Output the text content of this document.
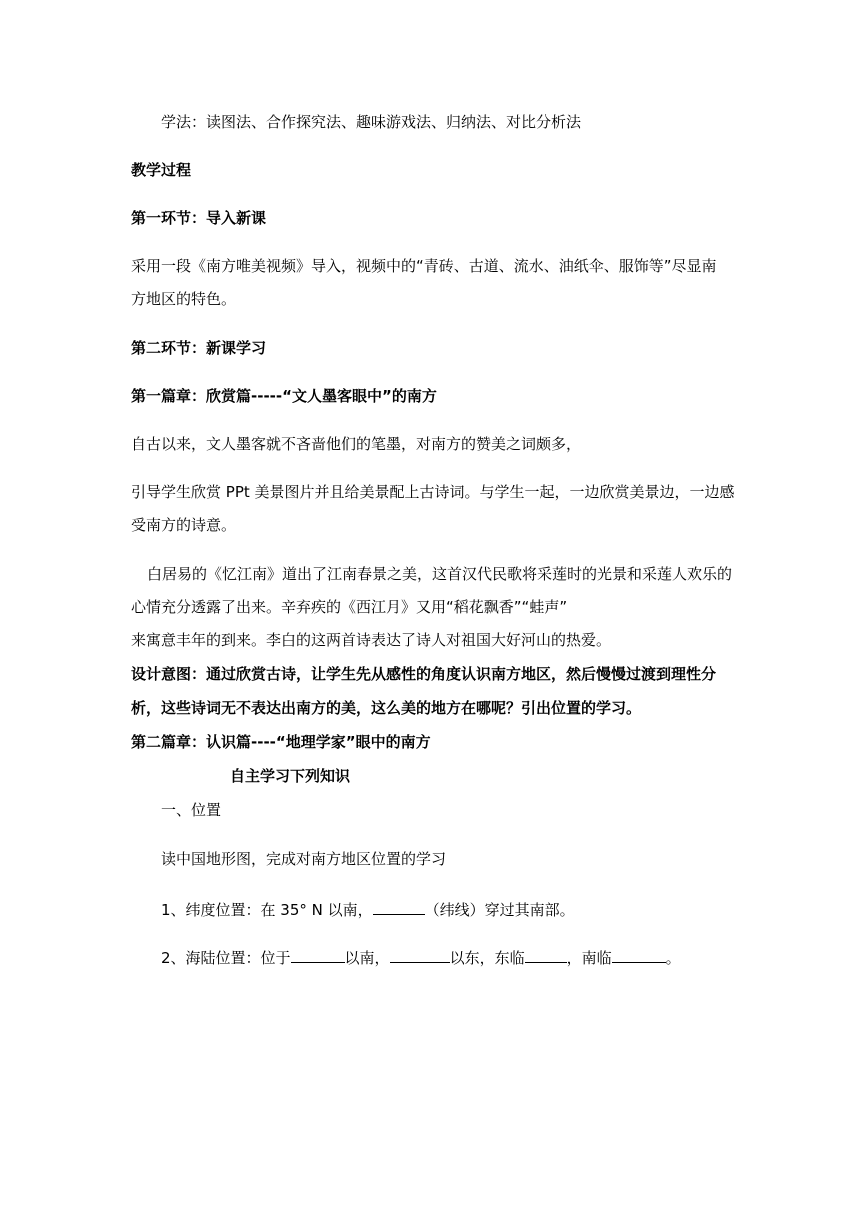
学法：读图法、合作探究法、趣味游戏法、归纳法、对比分析法
教学过程
第一环节：导入新课
采用一段《南方唯美视频》导入，视频中的“青砖、古道、流水、油纸伞、服饰等”尽显南
方地区的特色。
第二环节：新课学习
第一篇章：欣赏篇-----“文人墨客眼中”的南方
自古以来，文人墨客就不吝啬他们的笔墨，对南方的赞美之词颇多，
引导学生欣赏 PPt 美景图片并且给美景配上古诗词。与学生一起，一边欣赏美景边，一边感
受南方的诗意。
白居易的《忆江南》道出了江南春景之美，这首汉代民歌将采莲时的光景和采莲人欢乐的
心情充分透露了出来。辛弃疾的《西江月》又用“稻花飘香”“蛙声”
来寓意丰年的到来。李白的这两首诗表达了诗人对祖国大好河山的热爱。
设计意图：通过欣赏古诗，让学生先从感性的角度认识南方地区，然后慢慢过渡到理性分
析，这些诗词无不表达出南方的美，这么美的地方在哪呢？引出位置的学习。
第二篇章：认识篇----“地理学家”眼中的南方
自主学习下列知识
一、位置
读中国地形图，完成对南方地区位置的学习
1、纬度位置：在 35° N 以南，	（纬线）穿过其南部。
2、海陆位置：位于	以南，	以东，东临	，南临	。
